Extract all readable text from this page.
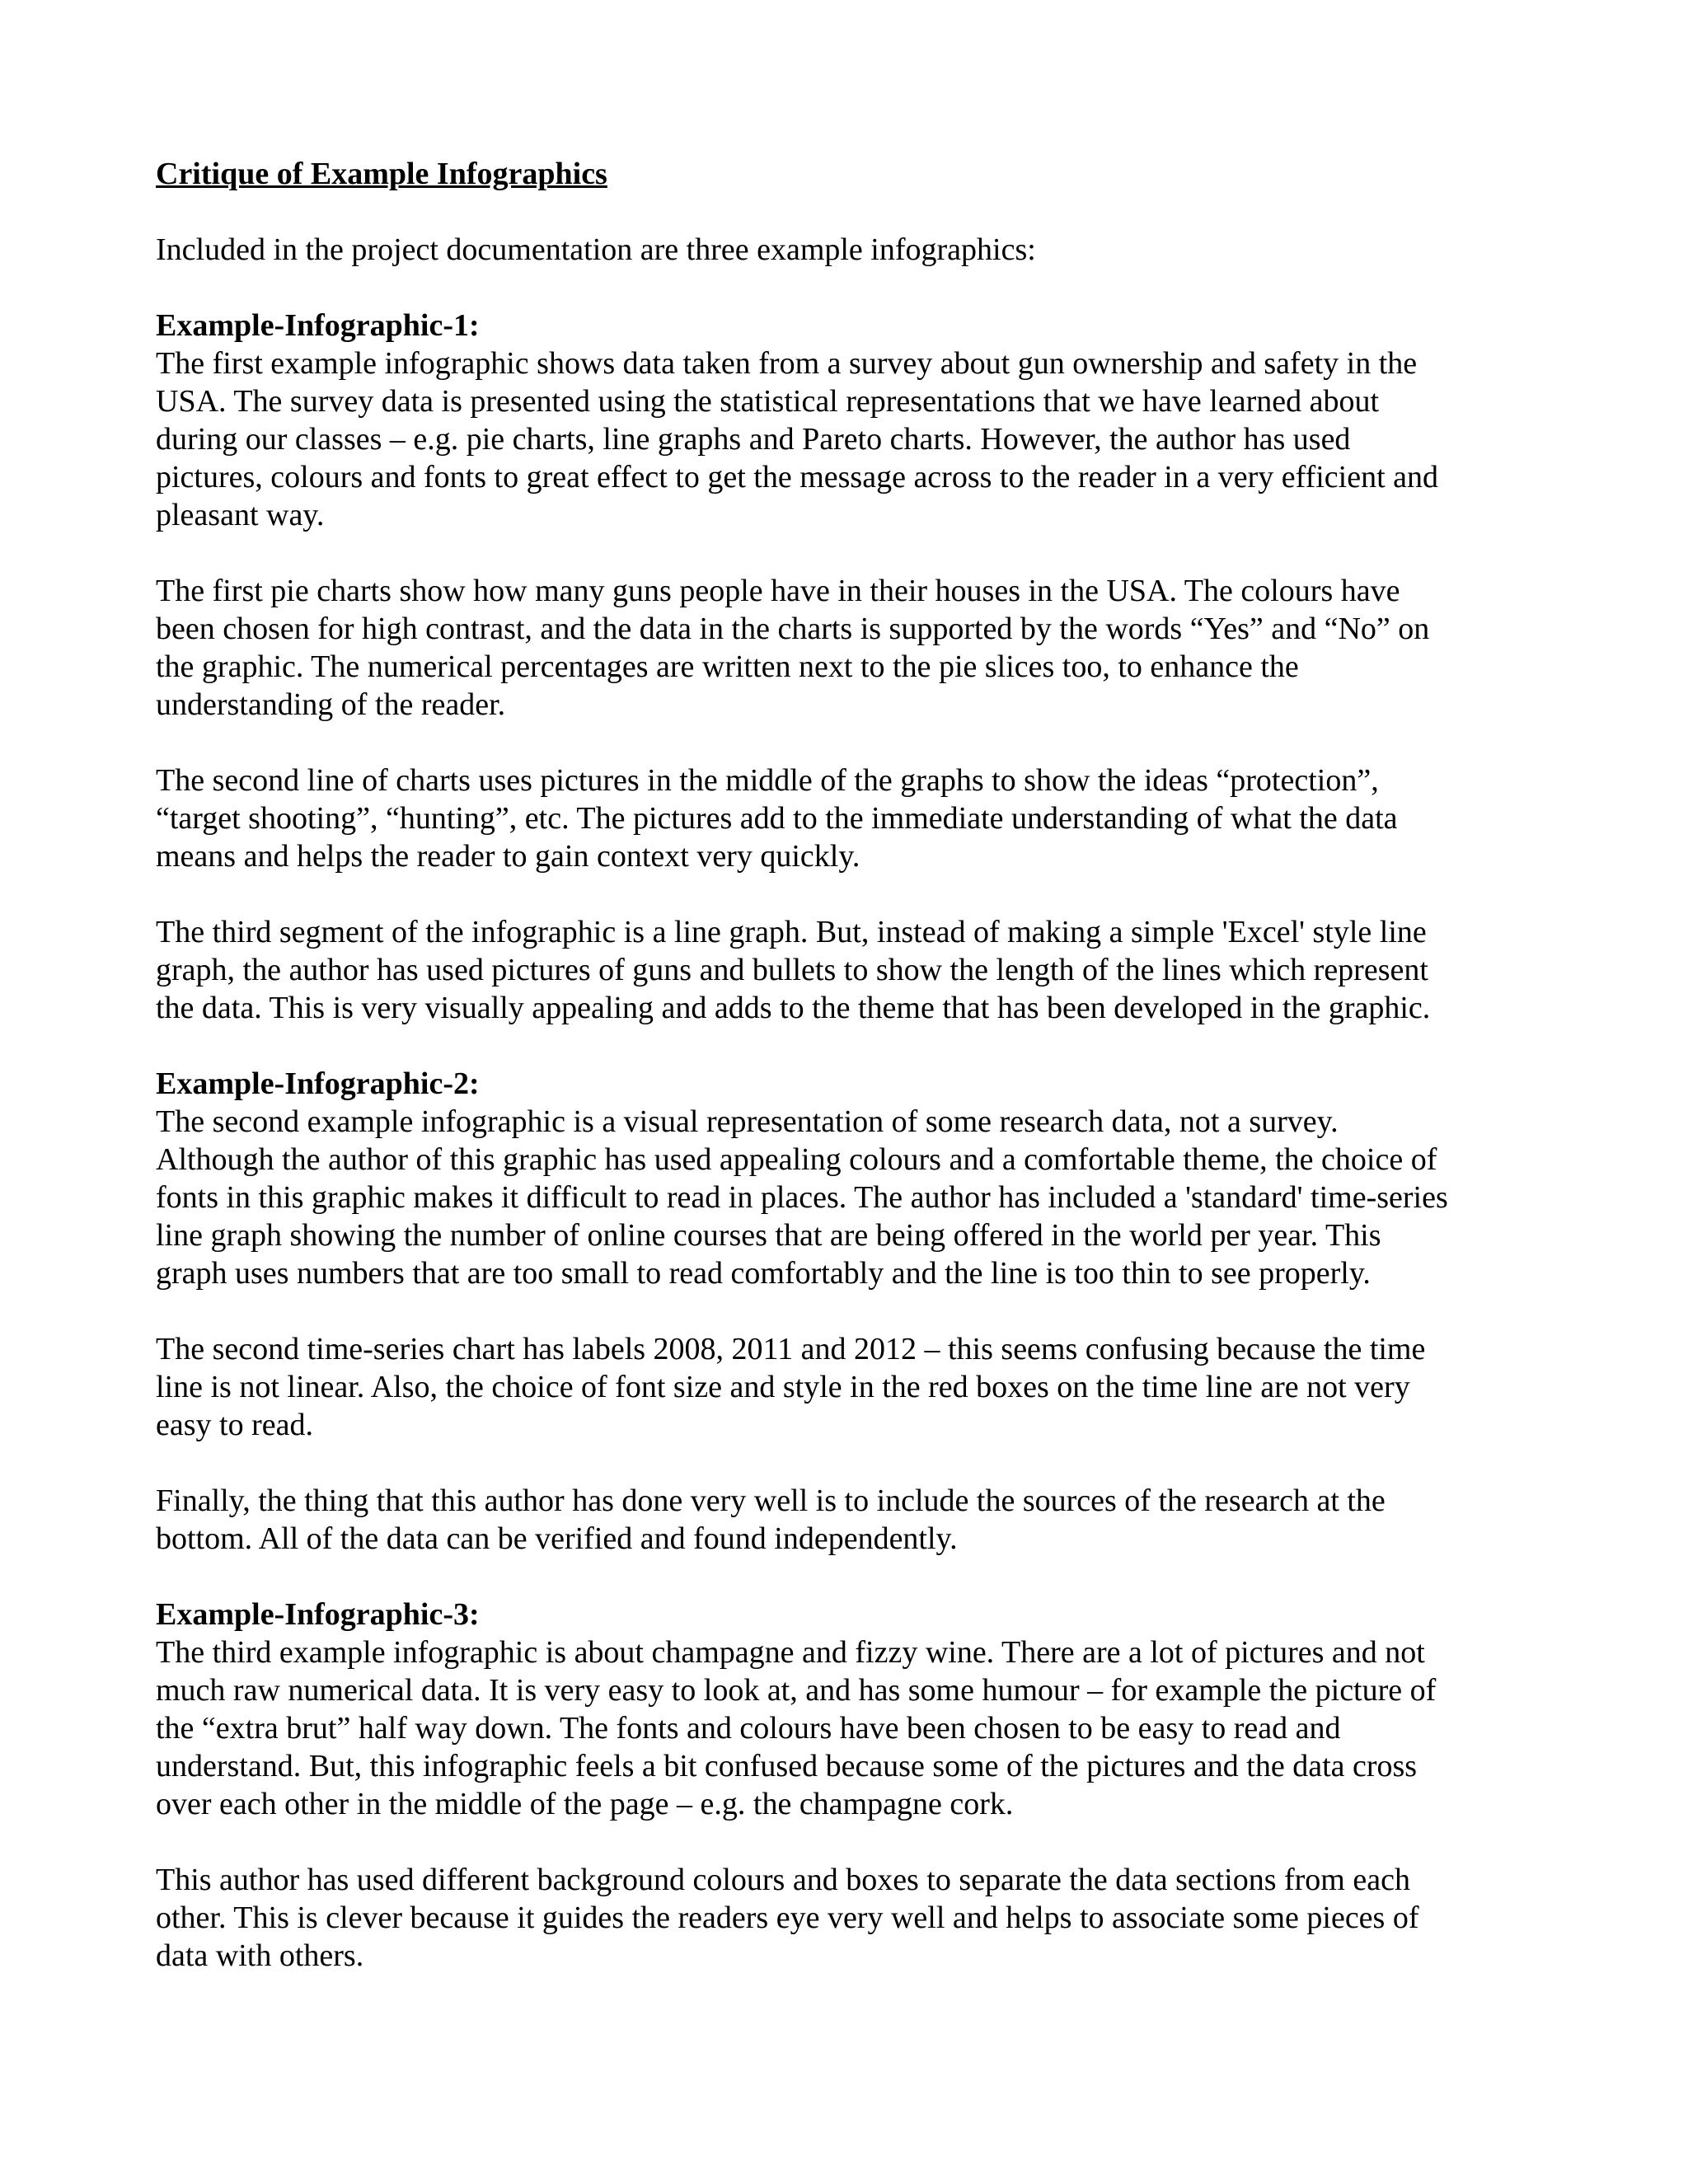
Critique of Example Infographics
Included in the project documentation are three example infographics:
Example-Infographic-1:
The first example infographic shows data taken from a survey about gun ownership and safety in the
USA. The survey data is presented using the statistical representations that we have learned about
during our classes – e.g. pie charts, line graphs and Pareto charts. However, the author has used
pictures, colours and fonts to great effect to get the message across to the reader in a very efficient and
pleasant way.
The first pie charts show how many guns people have in their houses in the USA. The colours have
been chosen for high contrast, and the data in the charts is supported by the words “Yes” and “No” on
the graphic. The numerical percentages are written next to the pie slices too, to enhance the
understanding of the reader.
The second line of charts uses pictures in the middle of the graphs to show the ideas “protection”,
“target shooting”, “hunting”, etc. The pictures add to the immediate understanding of what the data
means and helps the reader to gain context very quickly.
The third segment of the infographic is a line graph. But, instead of making a simple 'Excel' style line
graph, the author has used pictures of guns and bullets to show the length of the lines which represent
the data. This is very visually appealing and adds to the theme that has been developed in the graphic.
Example-Infographic-2:
The second example infographic is a visual representation of some research data, not a survey.
Although the author of this graphic has used appealing colours and a comfortable theme, the choice of
fonts in this graphic makes it difficult to read in places. The author has included a 'standard' time-series
line graph showing the number of online courses that are being offered in the world per year. This
graph uses numbers that are too small to read comfortably and the line is too thin to see properly.
The second time-series chart has labels 2008, 2011 and 2012 – this seems confusing because the time
line is not linear. Also, the choice of font size and style in the red boxes on the time line are not very
easy to read.
Finally, the thing that this author has done very well is to include the sources of the research at the
bottom. All of the data can be verified and found independently.
Example-Infographic-3:
The third example infographic is about champagne and fizzy wine. There are a lot of pictures and not
much raw numerical data. It is very easy to look at, and has some humour – for example the picture of
the “extra brut” half way down. The fonts and colours have been chosen to be easy to read and
understand. But, this infographic feels a bit confused because some of the pictures and the data cross
over each other in the middle of the page – e.g. the champagne cork.
This author has used different background colours and boxes to separate the data sections from each
other. This is clever because it guides the readers eye very well and helps to associate some pieces of
data with others.
